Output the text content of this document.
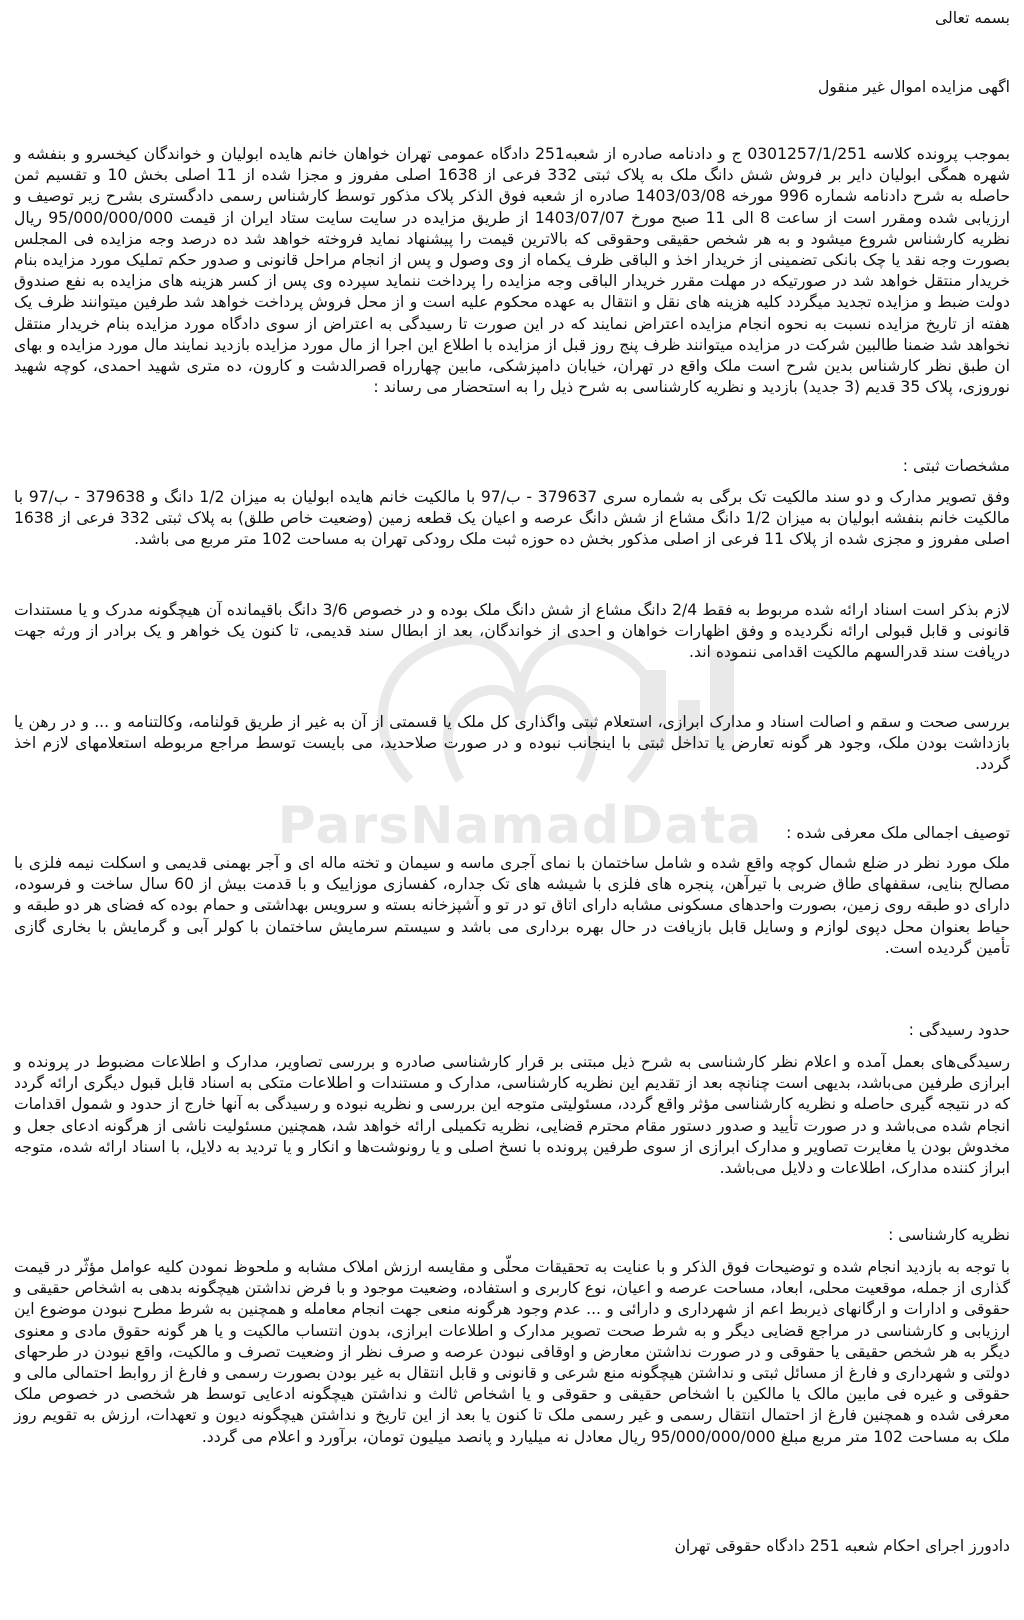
ParsNamadData
بسمه تعالی
اگهی مزایده اموال غیر منقول
بموجب پرونده کلاسه 0301257/1/251 ج و دادنامه صادره از شعبه251 دادگاه عمومی تهران خواهان خانم هایده ابولیان و خواندگان کیخسرو و بنفشه و شهره همگی ابولیان دایر بر فروش شش دانگ ملک به پلاک ثبتی 332 فرعی از 1638 اصلی مفروز و مجزا شده از 11 اصلی بخش 10 و تقسیم ثمن حاصله به شرح دادنامه شماره 996 مورخه 1403/03/08 صادره از شعبه فوق الذکر پلاک مذکور توسط کارشناس رسمی دادگستری بشرح زیر توصیف و ارزیابی شده ومقرر است از ساعت 8 الی 11 صبح مورخ 1403/07/07 از طریق مزایده در سایت سایت ستاد ایران از قیمت 95/000/000/000 ریال نظریه کارشناس شروع میشود و به هر شخص حقیقی وحقوقی که بالاترین قیمت را پیشنهاد نماید فروخته خواهد شد ده درصد وجه مزایده فی المجلس بصورت وجه نقد یا چک بانکی تضمینی از خریدار اخذ و الباقی ظرف یکماه از وی وصول و پس از انجام مراحل قانونی و صدور حکم تملیک مورد مزایده بنام خریدار منتقل خواهد شد در صورتیکه در مهلت مقرر خریدار الباقی وجه مزایده را پرداخت ننماید سپرده وی پس از کسر هزینه های مزایده به نفع صندوق دولت ضبط و مزایده تجدید میگردد کلیه هزینه های نقل و انتقال به عهده محکوم علیه است و از محل فروش پرداخت خواهد شد طرفین میتوانند ظرف یک هفته از تاریخ مزایده نسبت به نحوه انجام مزایده اعتراض نمایند که در این صورت تا رسیدگی به اعتراض از سوی دادگاه مورد مزایده بنام خریدار منتقل نخواهد شد ضمنا طالبین شرکت در مزایده میتوانند ظرف پنج روز قبل از مزایده با اطلاع این اجرا از مال مورد مزایده بازدید نمایند مال مورد مزایده و بهای ان طبق نظر کارشناس بدین شرح است ملک واقع در تهران، خیابان دامپزشکی، مابین چهارراه قصرالدشت و کارون، ده متری شهید احمدی، کوچه شهید نوروزی، پلاک 35 قدیم (3 جدید) بازدید و نظریه کارشناسی به شرح ذیل را به استحضار می رساند :
مشخصات ثبتی :
وفق تصویر مدارک و دو سند مالکیت تک برگی به شماره سری 379637 - ب/97 با مالکیت خانم هایده ابولیان به میزان 1/2 دانگ و 379638 - ب/97 با مالکیت خانم بنفشه ابولیان به میزان 1/2 دانگ مشاع از شش دانگ عرصه و اعیان یک قطعه زمین (وضعیت خاص طلق) به پلاک ثبتی 332 فرعی از 1638 اصلی مفروز و مجزی شده از پلاک 11 فرعی از اصلی مذکور بخش ده حوزه ثبت ملک رودکی تهران به مساحت 102 متر مربع می باشد.
لازم بذکر است اسناد ارائه شده مربوط به فقط 2/4 دانگ مشاع از شش دانگ ملک بوده و در خصوص 3/6 دانگ باقیمانده آن هیچگونه مدرک و یا مستندات قانونی و قابل قبولی ارائه نگردیده و وفق اظهارات خواهان و احدی از خواندگان، بعد از ابطال سند قدیمی، تا کنون یک خواهر و یک برادر از ورثه جهت دریافت سند قدرالسهم مالکیت اقدامی ننموده اند.
بررسی صحت و سقم و اصالت اسناد و مدارک ابرازی، استعلام ثبتی واگذاری کل ملک یا قسمتی از آن به غیر از طریق قولنامه، وکالتنامه و ... و در رهن یا بازداشت بودن ملک، وجود هر گونه تعارض یا تداخل ثبتی با اینجانب نبوده و در صورت صلاحدید، می بایست توسط مراجع مربوطه استعلامهای لازم اخذ گردد.
توصیف اجمالی ملک معرفی شده :
ملک مورد نظر در ضلع شمال کوچه واقع شده و شامل ساختمان با نمای آجری ماسه و سیمان و تخته ماله ای و آجر بهمنی قدیمی و اسکلت نیمه فلزی با مصالح بنایی، سقفهای طاق ضربی با تیرآهن، پنجره های فلزی با شیشه های تک جداره، کفسازی موزاییک و با قدمت بیش از 60 سال ساخت و فرسوده، دارای دو طبقه روی زمین، بصورت واحدهای مسکونی مشابه دارای اتاق تو در تو و آشپزخانه بسته و سرویس بهداشتی و حمام بوده که فضای هر دو طبقه و حیاط بعنوان محل دپوی لوازم و وسایل قابل بازیافت در حال بهره برداری می باشد و سیستم سرمایش ساختمان با کولر آبی و گرمایش با بخاری گازی تأمین گردیده است.
حدود رسیدگی :
رسیدگی‌های بعمل آمده و اعلام نظر کارشناسی به شرح ذیل مبتنی بر قرار کارشناسی صادره و بررسی تصاویر، مدارک و اطلاعات مضبوط در پرونده و ابرازی طرفین می‌باشد، بدیهی است چنانچه بعد از تقدیم این نظریه کارشناسی، مدارک و مستندات و اطلاعات متکی به اسناد قابل قبول دیگری ارائه گردد که در نتیجه گیری حاصله و نظریه کارشناسی مؤثر واقع گردد، مسئولیتی متوجه این بررسی و نظریه نبوده و رسیدگی به آنها خارج از حدود و شمول اقدامات انجام شده می‌باشد و در صورت تأیید و صدور دستور مقام محترم قضایی، نظریه تکمیلی ارائه خواهد شد، همچنین مسئولیت ناشی از هرگونه ادعای جعل و مخدوش بودن یا مغایرت تصاویر و مدارک ابرازی از سوی طرفین پرونده با نسخ اصلی و یا رونوشت‌ها و انکار و یا تردید به دلایل، با اسناد ارائه شده، متوجه ابراز کننده مدارک، اطلاعات و دلایل می‌باشد.
نظریه کارشناسی :
با توجه به بازدید انجام شده و توضیحات فوق الذکر و با عنایت به تحقیقات محلّی و مقایسه ارزش املاک مشابه و ملحوظ نمودن کلیه عوامل مؤثّر در قیمت گذاری از جمله، موقعیت محلی، ابعاد، مساحت عرصه و اعیان، نوع کاربری و استفاده، وضعیت موجود و با فرض نداشتن هیچگونه بدهی به اشخاص حقیقی و حقوقی و ادارات و ارگانهای ذیربط اعم از شهرداری و دارائی و ... عدم وجود هرگونه منعی جهت انجام معامله و همچنین به شرط مطرح نبودن موضوع این ارزیابی و کارشناسی در مراجع قضایی دیگر و به شرط صحت تصویر مدارک و اطلاعات ابرازی، بدون انتساب مالکیت و یا هر گونه حقوق مادی و معنوی دیگر به هر شخص حقیقی یا حقوقی و در صورت نداشتن معارض و اوقافی نبودن عرصه و صرف نظر از وضعیت تصرف و مالکیت، واقع نبودن در طرحهای دولتی و شهرداری و فارغ از مسائل ثبتی و نداشتن هیچگونه منع شرعی و قانونی و قابل انتقال به غیر بودن بصورت رسمی و فارغ از روابط احتمالی مالی و حقوقی و غیره فی مابین مالک یا مالکین با اشخاص حقیقی و حقوقی و یا اشخاص ثالث و نداشتن هیچگونه ادعایی توسط هر شخصی در خصوص ملک معرفی شده و همچنین فارغ از احتمال انتقال رسمی و غیر رسمی ملک تا کنون یا بعد از این تاریخ و نداشتن هیچگونه دیون و تعهدات، ارزش به تقویم روز ملک به مساحت 102 متر مربع مبلغ 95/000/000/000 ریال معادل نه میلیارد و پانصد میلیون تومان، برآورد و اعلام می گردد.
دادورز اجرای احکام شعبه 251 دادگاه حقوقی تهران
